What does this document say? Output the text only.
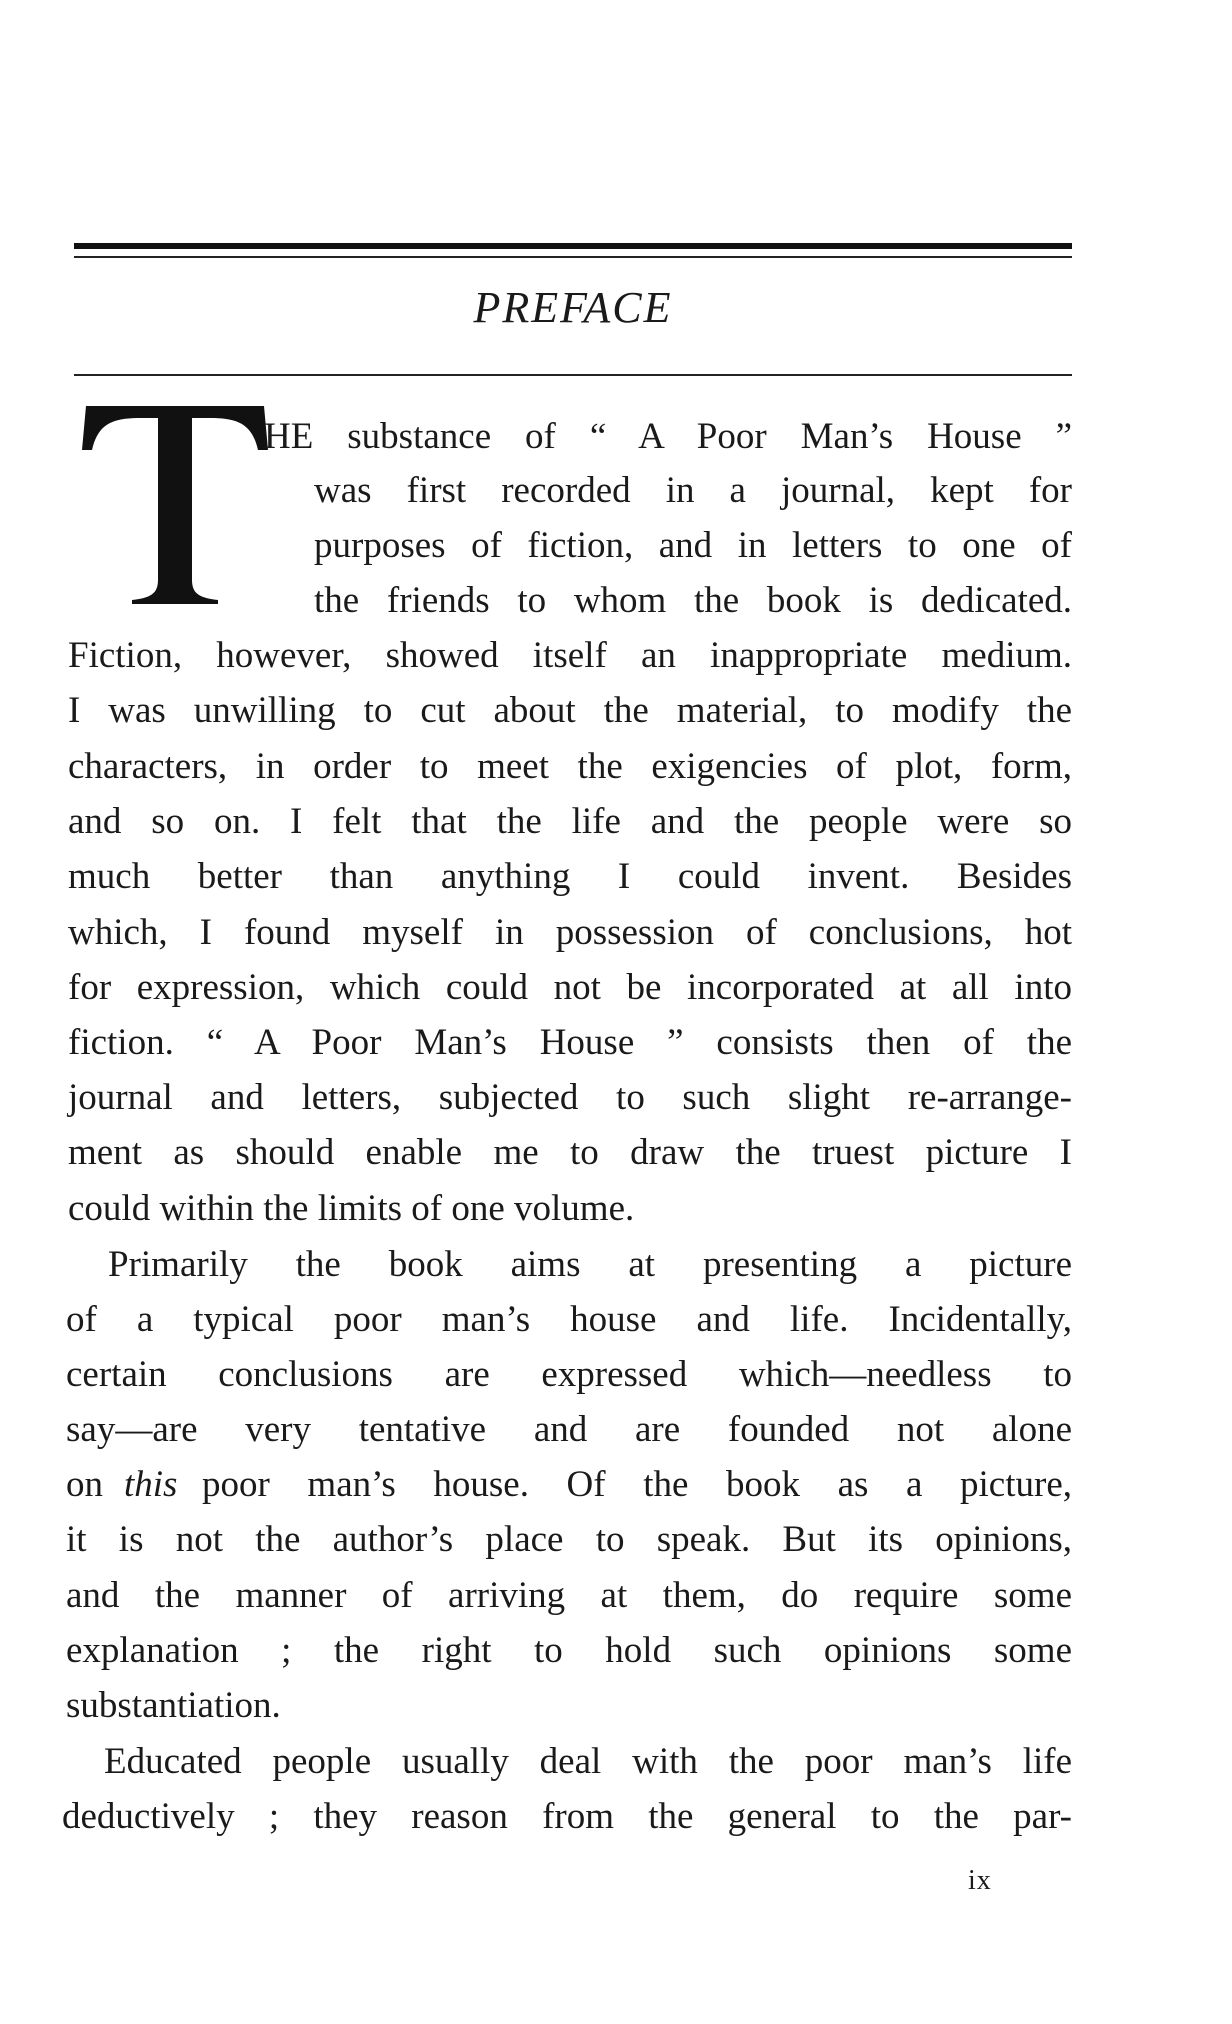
PREFACE
HE substance of “ A Poor Man’s House ”
was first recorded in a journal, kept for
purposes of fiction, and in letters to one of
the friends to whom the book is dedicated.
Fiction, however, showed itself an inappropriate medium.
I was unwilling to cut about the material, to modify the
characters, in order to meet the exigencies of plot, form,
and so on. I felt that the life and the people were so
much better than anything I could invent. Besides
which, I found myself in possession of conclusions, hot
for expression, which could not be incorporated at all into
fiction. “ A Poor Man’s House ” consists then of the
journal and letters, subjected to such slight re-arrange-
ment as should enable me to draw the truest picture I
could within the limits of one volume.
Primarily the book aims at presenting a picture
of a typical poor man’s house and life. Incidentally,
certain conclusions are expressed which—needless to
say—are very tentative and are founded not alone
on this poor man’s house. Of the book as a picture,
it is not the author’s place to speak. But its opinions,
and the manner of arriving at them, do require some
explanation ; the right to hold such opinions some
substantiation.
Educated people usually deal with the poor man’s life
deductively ; they reason from the general to the par-
ix
